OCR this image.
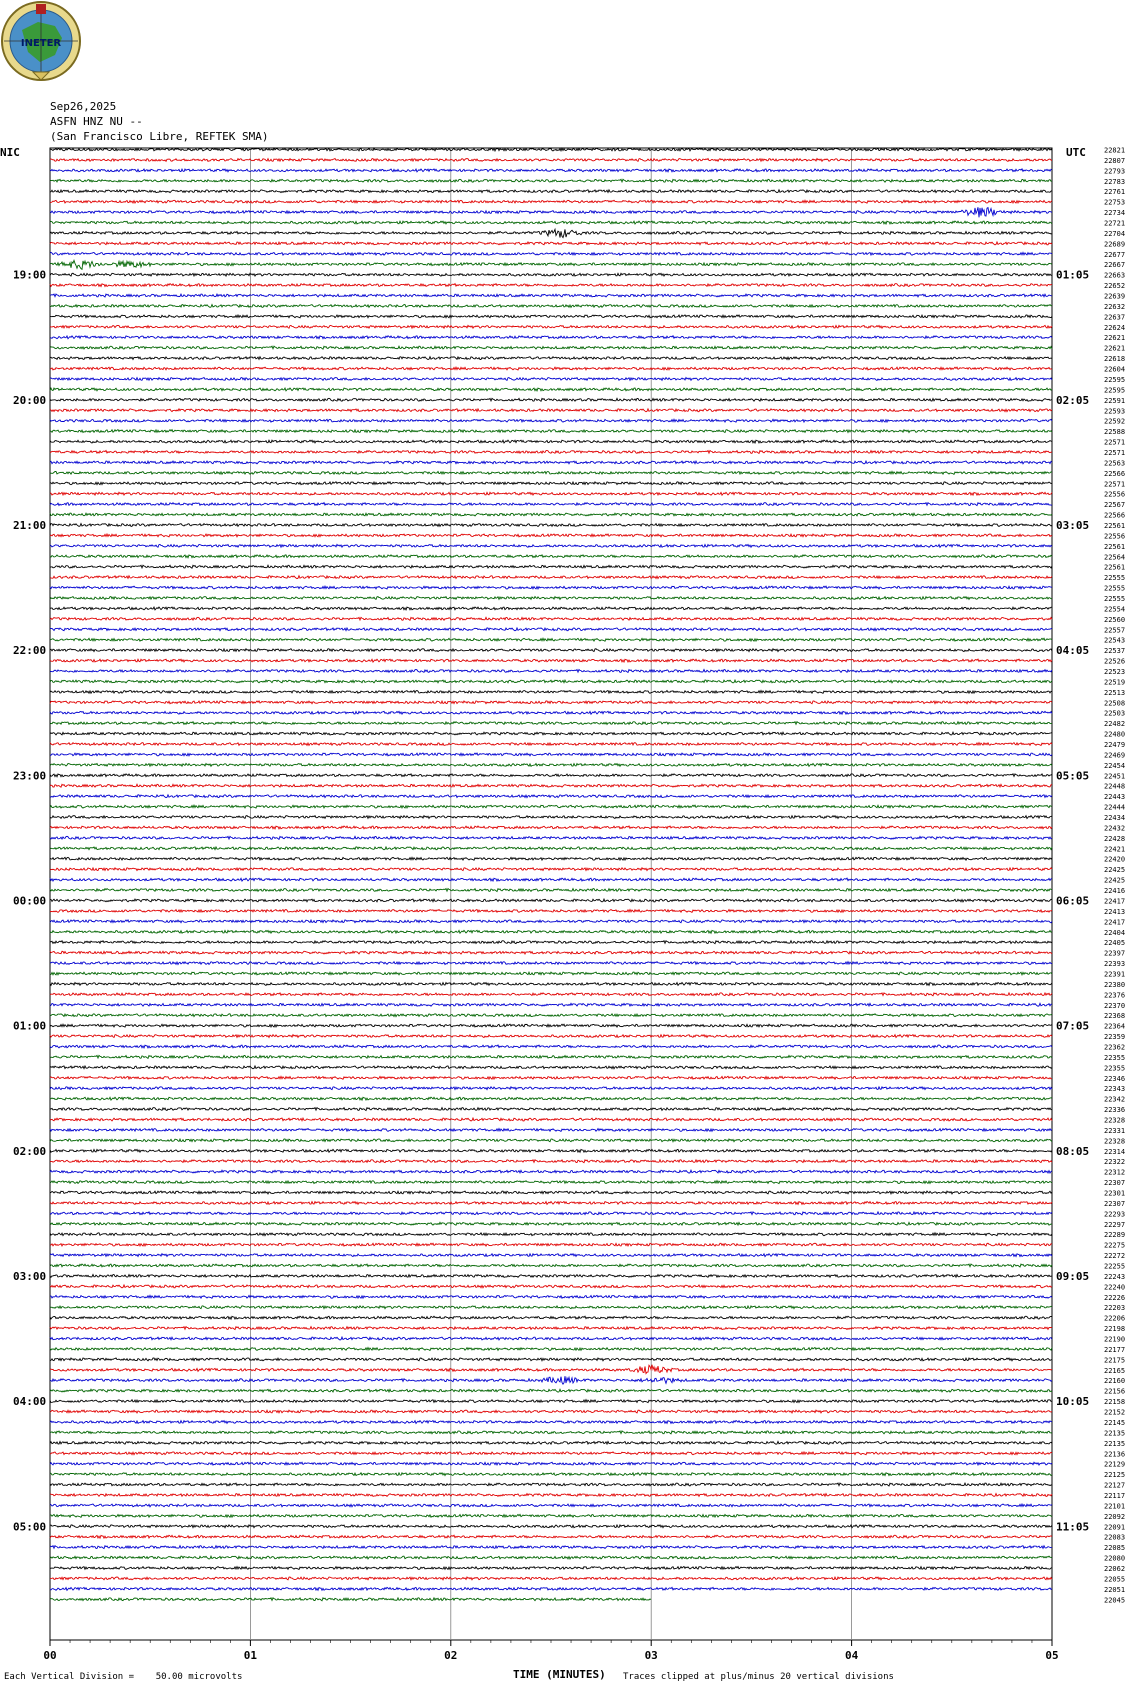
INETER
Sep26,2025
ASFN HNZ NU --
(San Francisco Libre, REFTEK SMA)
NIC	UTC
00	01	02	03	04	05
22821
22807
22793
22783
22761
22753
22734
22721
22704
22689
22677
22667
22663
22652
22639
22632
22637
22624
22621
22621
22618
22604
22595
22595
22591
22593
22592
22588
22571
22571
22563
22566
22571
22556
22567
22566
22561
22556
22561
22564
22561
22555
22555
22555
22554
22560
22557
22543
22537
22526
22523
22519
22513
22508
22503
22482
22480
22479
22469
22454
22451
22448
22443
22444
22434
22432
22428
22421
22420
22425
22425
22416
22417
22413
22417
22404
22405
22397
22393
22391
22380
22376
22370
22368
22364
22359
22362
22355
22355
22346
22343
22342
22336
22328
22331
22328
22314
22322
22312
22307
22301
22307
22293
22297
22289
22275
22272
22255
22243
22240
22226
22203
22206
22198
22190
22177
22175
22165
22160
22156
22158
22152
22145
22135
22135
22136
22129
22125
22127
22117
22101
22092
22091
22083
22085
22080
22062
22055
22051
22045
19:00	01:05
20:00	02:05
21:00	03:05
22:00	04:05
23:00	05:05
00:00	06:05
01:00	07:05
02:00	08:05
03:00	09:05
04:00	10:05
05:00	11:05
TIME (MINUTES)
Each Vertical Division =    50.00 microvolts	Traces clipped at plus/minus 20 vertical divisions
